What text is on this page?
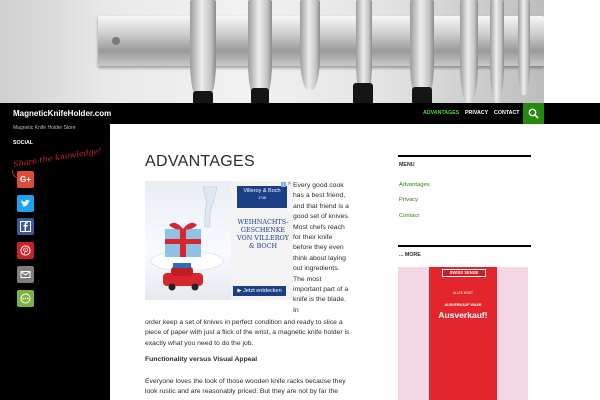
MagneticKnifeHolder.com
Magnetic Knife Holder Store
ADVANTAGES PRIVACY CONTACT
SOCIAL
Share the knowledge!
G+
ADVANTAGES
Villeroy & Boch
1748
WEIHNACHTS-GESCHENKE VON VILLEROY & BOCH
▶ Jetzt entdecken
i ✕ Every good cook has a best friend, and that friend is a good set of knives. Most chefs reach for their knife before they even think about laying out ingredients. The most important part of a knife is the blade. In
order keep a set of knives in perfect condition and ready to slice a piece of paper with just a flick of the wrist, a magnetic knife holder is exactly what you need to do the job.
Functionality versus Visual Appeal
Everyone loves the look of those wooden knife racks because they look rustic and are reasonably priced. But they are not by far the
MENU
Advantages
Privacy
Contact
... MORE
SWISS SENSE
ALLES MOET
AUSVERKAUF WAAR
Ausverkauf!
